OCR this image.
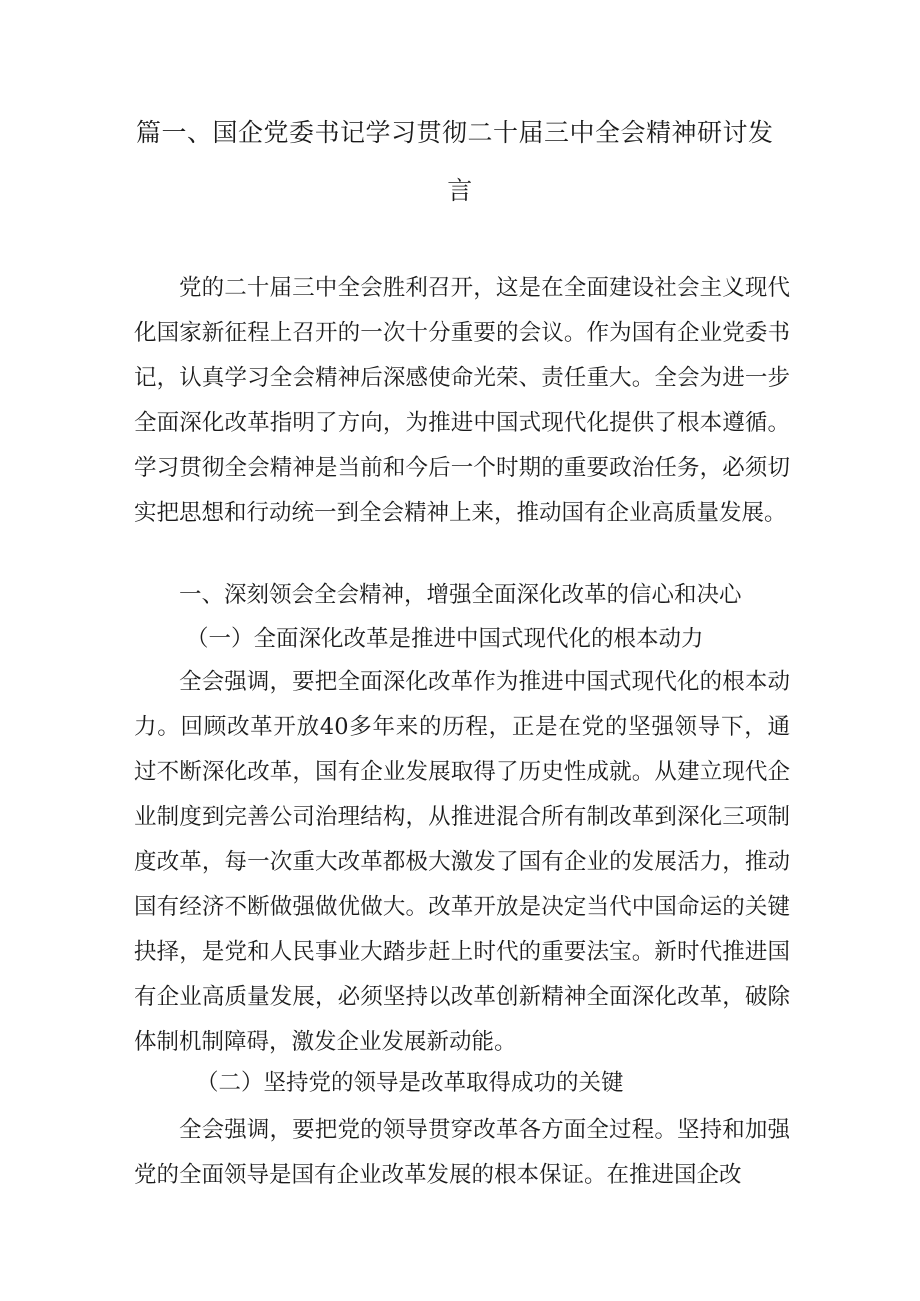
篇一、国企党委书记学习贯彻二十届三中全会精神研讨发
言

党的二十届三中全会胜利召开，这是在全面建设社会主义现代化国家新征程上召开的一次十分重要的会议。作为国有企业党委书记，认真学习全会精神后深感使命光荣、责任重大。全会为进一步全面深化改革指明了方向，为推进中国式现代化提供了根本遵循。学习贯彻全会精神是当前和今后一个时期的重要政治任务，必须切实把思想和行动统一到全会精神上来，推动国有企业高质量发展。

一、深刻领会全会精神，增强全面深化改革的信心和决心

（一）全面深化改革是推进中国式现代化的根本动力

全会强调，要把全面深化改革作为推进中国式现代化的根本动力。回顾改革开放40多年来的历程，正是在党的坚强领导下，通过不断深化改革，国有企业发展取得了历史性成就。从建立现代企业制度到完善公司治理结构，从推进混合所有制改革到深化三项制度改革，每一次重大改革都极大激发了国有企业的发展活力，推动国有经济不断做强做优做大。改革开放是决定当代中国命运的关键抉择，是党和人民事业大踏步赶上时代的重要法宝。新时代推进国有企业高质量发展，必须坚持以改革创新精神全面深化改革，破除体制机制障碍，激发企业发展新动能。

（二）坚持党的领导是改革取得成功的关键

全会强调，要把党的领导贯穿改革各方面全过程。坚持和加强党的全面领导是国有企业改革发展的根本保证。在推进国企改
